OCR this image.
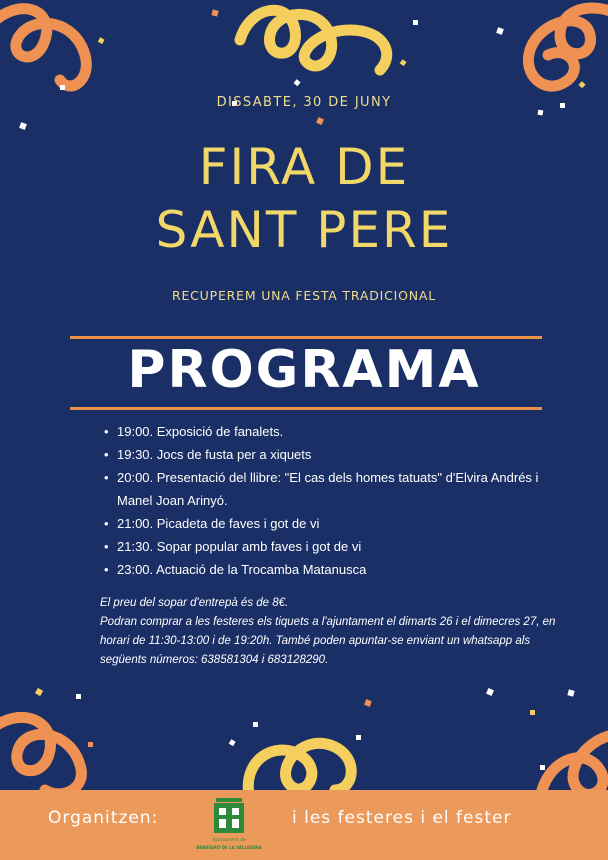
DISSABTE, 30 DE JUNY
FIRA DE
SANT PERE
RECUPEREM UNA FESTA TRADICIONAL
PROGRAMA
• 19:00. Exposició de fanalets.
• 19:30. Jocs de fusta per a xiquets
• 20:00. Presentació del llibre: "El cas dels homes tatuats" d'Elvira Andrés i Manel Joan Arinyó.
• 21:00. Picadeta de faves i got de vi
• 21:30. Sopar popular amb faves i got de vi
• 23:00. Actuació de la Trocamba Matanusca
El preu del sopar d'entrepà és de 8€.
Podran comprar a les festeres els tiquets a l'ajuntament el dimarts 26 i el dimecres 27, en horari de 11:30-13:00 i de 19:20h. També poden apuntar-se enviant un whatsapp als següents números: 638581304 i 683128290.
Organitzen:
Ajuntament de
BENIFAIRÓ DE LA VALLDIGNA
i les festeres i el fester
